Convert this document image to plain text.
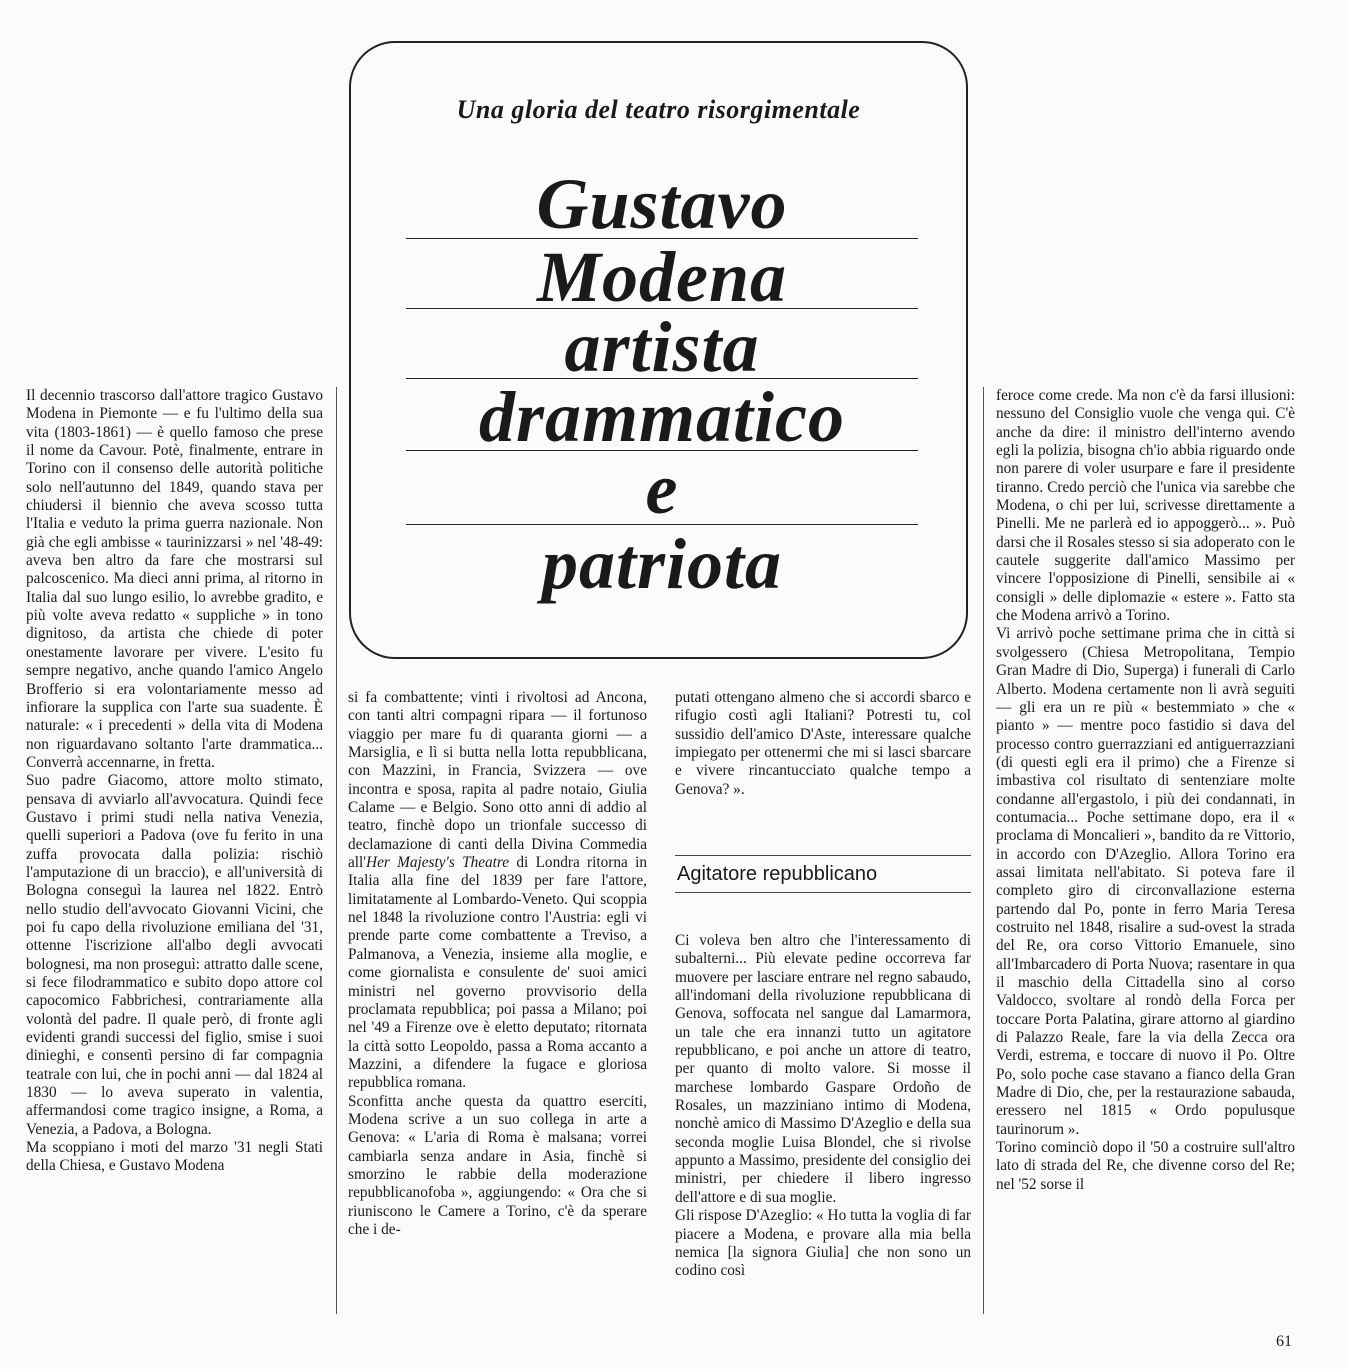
Una gloria del teatro risorgimentale
Gustavo
Modena
artista
drammatico
e
patriota

Il decennio trascorso dall'attore tragico Gustavo Modena in Piemonte — e fu l'ultimo della sua vita (1803-1861) — è quello famoso che prese il nome da Cavour. Potè, finalmente, entrare in Torino con il consenso delle autorità politiche solo nell'autunno del 1849, quando stava per chiudersi il biennio che aveva scosso tutta l'Italia e veduto la prima guerra nazionale. Non già che egli ambisse « taurinizzarsi » nel '48-49: aveva ben altro da fare che mostrarsi sul palcoscenico. Ma dieci anni prima, al ritorno in Italia dal suo lungo esilio, lo avrebbe gradito, e più volte aveva redatto « suppliche » in tono dignitoso, da artista che chiede di poter onestamente lavorare per vivere. L'esito fu sempre negativo, anche quando l'amico Angelo Brofferio si era volontariamente messo ad infiorare la supplica con l'arte sua suadente. È naturale: « i precedenti » della vita di Modena non riguardavano soltanto l'arte drammatica... Converrà accennarne, in fretta.

Suo padre Giacomo, attore molto stimato, pensava di avviarlo all'avvocatura. Quindi fece Gustavo i primi studi nella nativa Venezia, quelli superiori a Padova (ove fu ferito in una zuffa provocata dalla polizia: rischiò l'amputazione di un braccio), e all'università di Bologna conseguì la laurea nel 1822. Entrò nello studio dell'avvocato Giovanni Vicini, che poi fu capo della rivoluzione emiliana del '31, ottenne l'iscrizione all'albo degli avvocati bolognesi, ma non proseguì: attratto dalle scene, si fece filodrammatico e subito dopo attore col capocomico Fabbrichesi, contrariamente alla volontà del padre. Il quale però, di fronte agli evidenti grandi successi del figlio, smise i suoi dinieghi, e consentì persino di far compagnia teatrale con lui, che in pochi anni — dal 1824 al 1830 — lo aveva superato in valentia, affermandosi come tragico insigne, a Roma, a Venezia, a Padova, a Bologna.

Ma scoppiano i moti del marzo '31 negli Stati della Chiesa, e Gustavo Modena

si fa combattente; vinti i rivoltosi ad Ancona, con tanti altri compagni ripara — il fortunoso viaggio per mare fu di quaranta giorni — a Marsiglia, e lì si butta nella lotta repubblicana, con Mazzini, in Francia, Svizzera — ove incontra e sposa, rapita al padre notaio, Giulia Calame — e Belgio. Sono otto anni di addio al teatro, finchè dopo un trionfale successo di declamazione di canti della Divina Commedia all'Her Majesty's Theatre di Londra ritorna in Italia alla fine del 1839 per fare l'attore, limitatamente al Lombardo-Veneto. Qui scoppia nel 1848 la rivoluzione contro l'Austria: egli vi prende parte come combattente a Treviso, a Palmanova, a Venezia, insieme alla moglie, e come giornalista e consulente de' suoi amici ministri nel governo provvisorio della proclamata repubblica; poi passa a Milano; poi nel '49 a Firenze ove è eletto deputato; ritornata la città sotto Leopoldo, passa a Roma accanto a Mazzini, a difendere la fugace e gloriosa repubblica romana.

Sconfitta anche questa da quattro eserciti, Modena scrive a un suo collega in arte a Genova: « L'aria di Roma è malsana; vorrei cambiarla senza andare in Asia, finchè si smorzino le rabbie della moderazione repubblicanofoba », aggiungendo: « Ora che si riuniscono le Camere a Torino, c'è da sperare che i de-

putati ottengano almeno che si accordi sbarco e rifugio costì agli Italiani? Potresti tu, col sussidio dell'amico D'Aste, interessare qualche impiegato per ottenermi che mi si lasci sbarcare e vivere rincantucciato qualche tempo a Genova? ».

Agitatore repubblicano

Ci voleva ben altro che l'interessamento di subalterni... Più elevate pedine occorreva far muovere per lasciare entrare nel regno sabaudo, all'indomani della rivoluzione repubblicana di Genova, soffocata nel sangue dal Lamarmora, un tale che era innanzi tutto un agitatore repubblicano, e poi anche un attore di teatro, per quanto di molto valore. Si mosse il marchese lombardo Gaspare Ordoño de Rosales, un mazziniano intimo di Modena, nonchè amico di Massimo D'Azeglio e della sua seconda moglie Luisa Blondel, che si rivolse appunto a Massimo, presidente del consiglio dei ministri, per chiedere il libero ingresso dell'attore e di sua moglie.

Gli rispose D'Azeglio: « Ho tutta la voglia di far piacere a Modena, e provare alla mia bella nemica [la signora Giulia] che non sono un codino così

feroce come crede. Ma non c'è da farsi illusioni: nessuno del Consiglio vuole che venga qui. C'è anche da dire: il ministro dell'interno avendo egli la polizia, bisogna ch'io abbia riguardo onde non parere di voler usurpare e fare il presidente tiranno. Credo perciò che l'unica via sarebbe che Modena, o chi per lui, scrivesse direttamente a Pinelli. Me ne parlerà ed io appoggerò... ». Può darsi che il Rosales stesso si sia adoperato con le cautele suggerite dall'amico Massimo per vincere l'opposizione di Pinelli, sensibile ai « consigli » delle diplomazie « estere ». Fatto sta che Modena arrivò a Torino.

Vi arrivò poche settimane prima che in città si svolgessero (Chiesa Metropolitana, Tempio Gran Madre di Dio, Superga) i funerali di Carlo Alberto. Modena certamente non li avrà seguiti — gli era un re più « bestemmiato » che « pianto » — mentre poco fastidio si dava del processo contro guerrazziani ed antiguerrazziani (di questi egli era il primo) che a Firenze si imbastiva col risultato di sentenziare molte condanne all'ergastolo, i più dei condannati, in contumacia... Poche settimane dopo, era il « proclama di Moncalieri », bandito da re Vittorio, in accordo con D'Azeglio. Allora Torino era assai limitata nell'abitato. Si poteva fare il completo giro di circonvallazione esterna partendo dal Po, ponte in ferro Maria Teresa costruito nel 1848, risalire a sud-ovest la strada del Re, ora corso Vittorio Emanuele, sino all'Imbarcadero di Porta Nuova; rasentare in qua il maschio della Cittadella sino al corso Valdocco, svoltare al rondò della Forca per toccare Porta Palatina, girare attorno al giardino di Palazzo Reale, fare la via della Zecca ora Verdi, estrema, e toccare di nuovo il Po. Oltre Po, solo poche case stavano a fianco della Gran Madre di Dio, che, per la restaurazione sabauda, eressero nel 1815 « Ordo populusque taurinorum ».

Torino cominciò dopo il '50 a costruire sull'altro lato di strada del Re, che divenne corso del Re; nel '52 sorse il

61
